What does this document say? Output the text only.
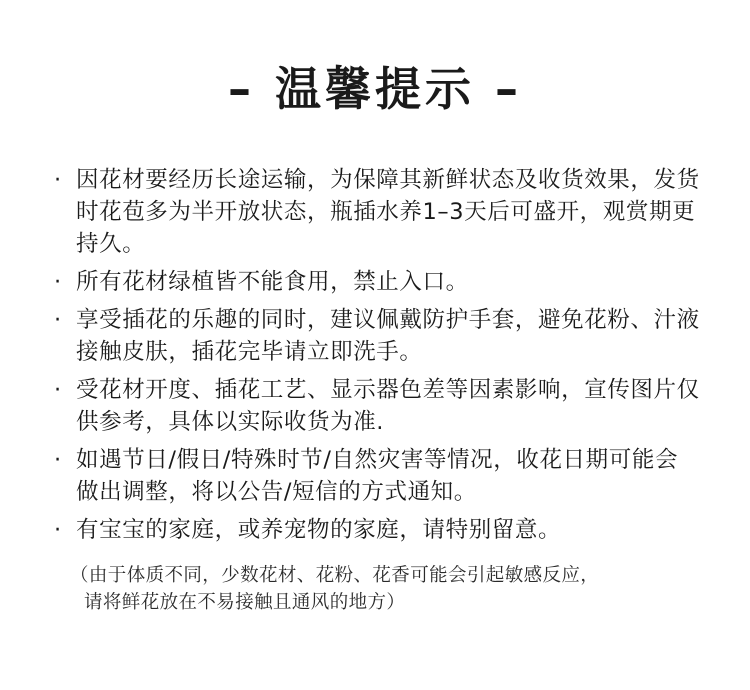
– 温馨提示 –
· 因花材要经历长途运输，为保障其新鲜状态及收货效果，发货时花苞多为半开放状态，瓶插水养1–3天后可盛开，观赏期更持久。
· 所有花材绿植皆不能食用，禁止入口。
· 享受插花的乐趣的同时，建议佩戴防护手套，避免花粉、汁液接触皮肤，插花完毕请立即洗手。
· 受花材开度、插花工艺、显示器色差等因素影响，宣传图片仅供参考，具体以实际收货为准.
· 如遇节日/假日/特殊时节/自然灾害等情况，收花日期可能会做出调整，将以公告/短信的方式通知。
· 有宝宝的家庭，或养宠物的家庭，请特别留意。
（由于体质不同，少数花材、花粉、花香可能会引起敏感反应，
请将鲜花放在不易接触且通风的地方）
